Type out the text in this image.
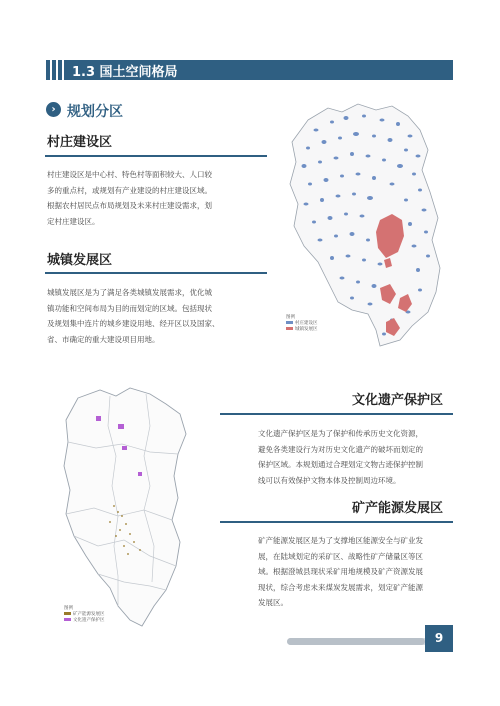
1.3 国土空间格局
› 规划分区
村庄建设区
村庄建设区是中心村、特色村等面积较大、人口较
多的重点村，或规划有产业建设的村庄建设区域。
根据农村居民点布局规划及未来村庄建设需求，划
定村庄建设区。
城镇发展区
城镇发展区是为了满足各类城镇发展需求，优化城
镇功能和空间布局为目的而划定的区域。包括现状
及规划集中连片的城乡建设用地、经开区以及国家、
省、市确定的重大建设项目用地。
图例
村庄建设区
城镇发展区
图例
矿产能源发展区
文化遗产保护区
文化遗产保护区
文化遗产保护区是为了保护和传承历史文化资源，
避免各类建设行为对历史文化遗产的破坏而划定的
保护区域。本规划通过合理划定文物古迹保护控制
线可以有效保护文物本体及控制周边环境。
矿产能源发展区
矿产能源发展区是为了支撑地区能源安全与矿业发
展，在陆域划定的采矿区、战略性矿产储量区等区
域。根据澄城县现状采矿用地规模及矿产资源发展
现状，综合考虑未来煤炭发展需求，划定矿产能源
发展区。
9
